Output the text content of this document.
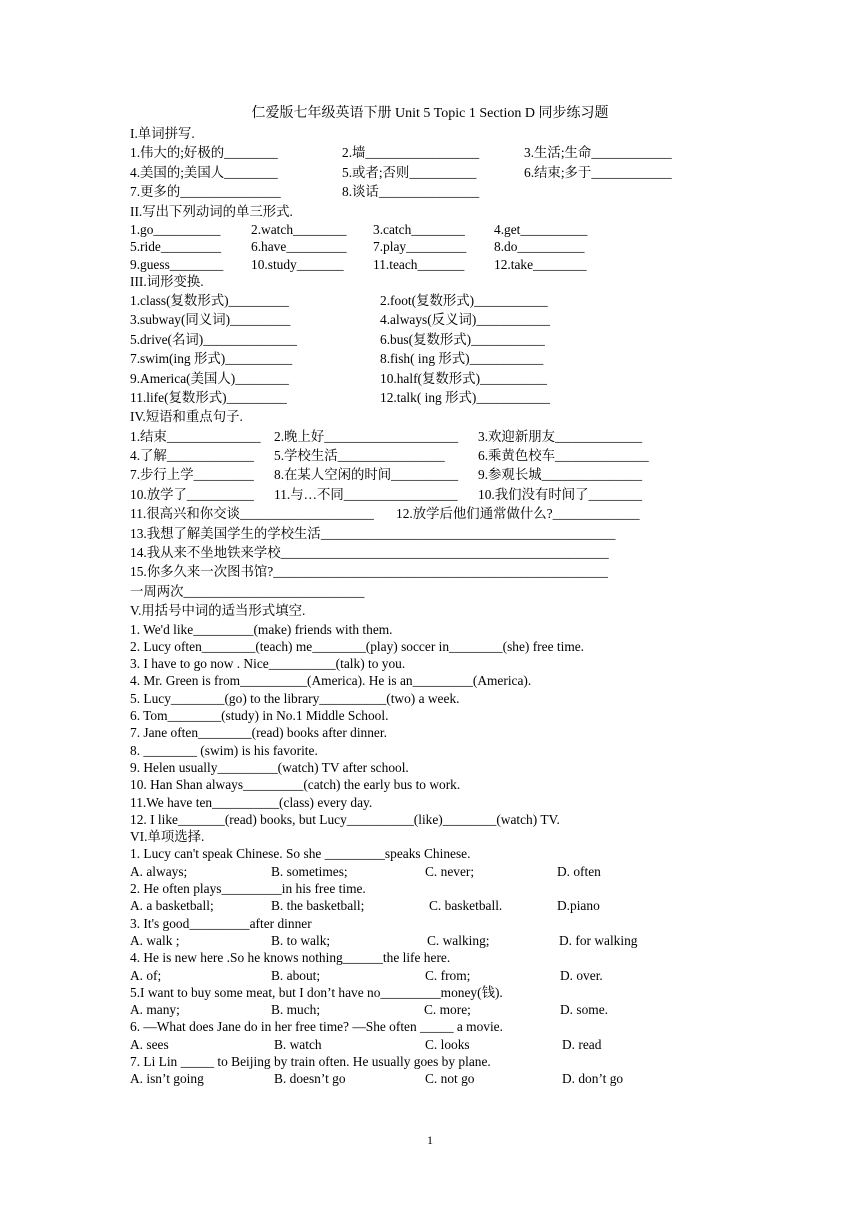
仁爱版七年级英语下册 Unit 5 Topic 1 Section D 同步练习题
I.单词拼写.
1.伟大的;好极的________	2.墙_________________	3.生活;生命____________
4.美国的;美国人________	5.或者;否则__________	6.结束;多于____________
7.更多的_______________	8.谈话_______________
II.写出下列动词的单三形式.
1.go__________ 2.watch________ 3.catch________ 4.get__________
5.ride_________ 6.have_________ 7.play_________ 8.do__________
9.guess________ 10.study_______ 11.teach_______ 12.take________
III.词形变换.
1.class(复数形式)_________	2.foot(复数形式)___________
3.subway(同义词)_________	4.always(反义词)___________
5.drive(名词)______________	6.bus(复数形式)___________
7.swim(ing 形式)__________	8.fish( ing 形式)___________
9.America(美国人)________	10.half(复数形式)__________
11.life(复数形式)_________	12.talk( ing 形式)___________
IV.短语和重点句子.
1.结束______________ 2.晚上好____________________ 3.欢迎新朋友_____________
4.了解_____________ 5.学校生活________________ 6.乘黄色校车______________
7.步行上学_________ 8.在某人空闲的时间__________ 9.参观长城_______________
10.放学了__________ 11.与…不同_________________ 10.我们没有时间了________
11.很高兴和你交谈____________________ 12.放学后他们通常做什么?_____________
13.我想了解美国学生的学校生活____________________________________________
14.我从来不坐地铁来学校_________________________________________________
15.你多久来一次图书馆?__________________________________________________
一周两次___________________________
V.用括号中词的适当形式填空.
1. We'd like_________(make) friends with them.
2. Lucy often________(teach) me________(play) soccer in________(she) free time.
3. I have to go now . Nice__________(talk) to you.
4. Mr. Green is from__________(America). He is an_________(America).
5. Lucy________(go) to the library__________(two) a week.
6. Tom________(study) in No.1 Middle School.
7. Jane often________(read) books after dinner.
8. ________ (swim) is his favorite.
9. Helen usually_________(watch) TV after school.
10. Han Shan always_________(catch) the early bus to work.
11.We have ten__________(class) every day.
12. I like_______(read) books, but Lucy__________(like)________(watch) TV.
VI.单项选择.
1. Lucy can't speak Chinese. So she _________speaks Chinese.
A. always;	B. sometimes;	C. never;	D. often
2. He often plays_________in his free time.
A. a basketball;	B. the basketball;	C. basketball.	D.piano
3. It's good_________after dinner
A. walk ;	B. to walk;	C. walking;	D. for walking
4. He is new here .So he knows nothing______the life here.
A. of;	B. about;	C. from;	D. over.
5.I want to buy some meat, but I don’t have no_________money(钱).
A. many;	B. much;	C. more;	D. some.
6. —What does Jane do in her free time? —She often _____ a movie.
A. sees	B. watch	C. looks	D. read
7. Li Lin _____ to Beijing by train often. He usually goes by plane.
A. isn’t going	B. doesn’t go	C. not go	D. don’t go
1
